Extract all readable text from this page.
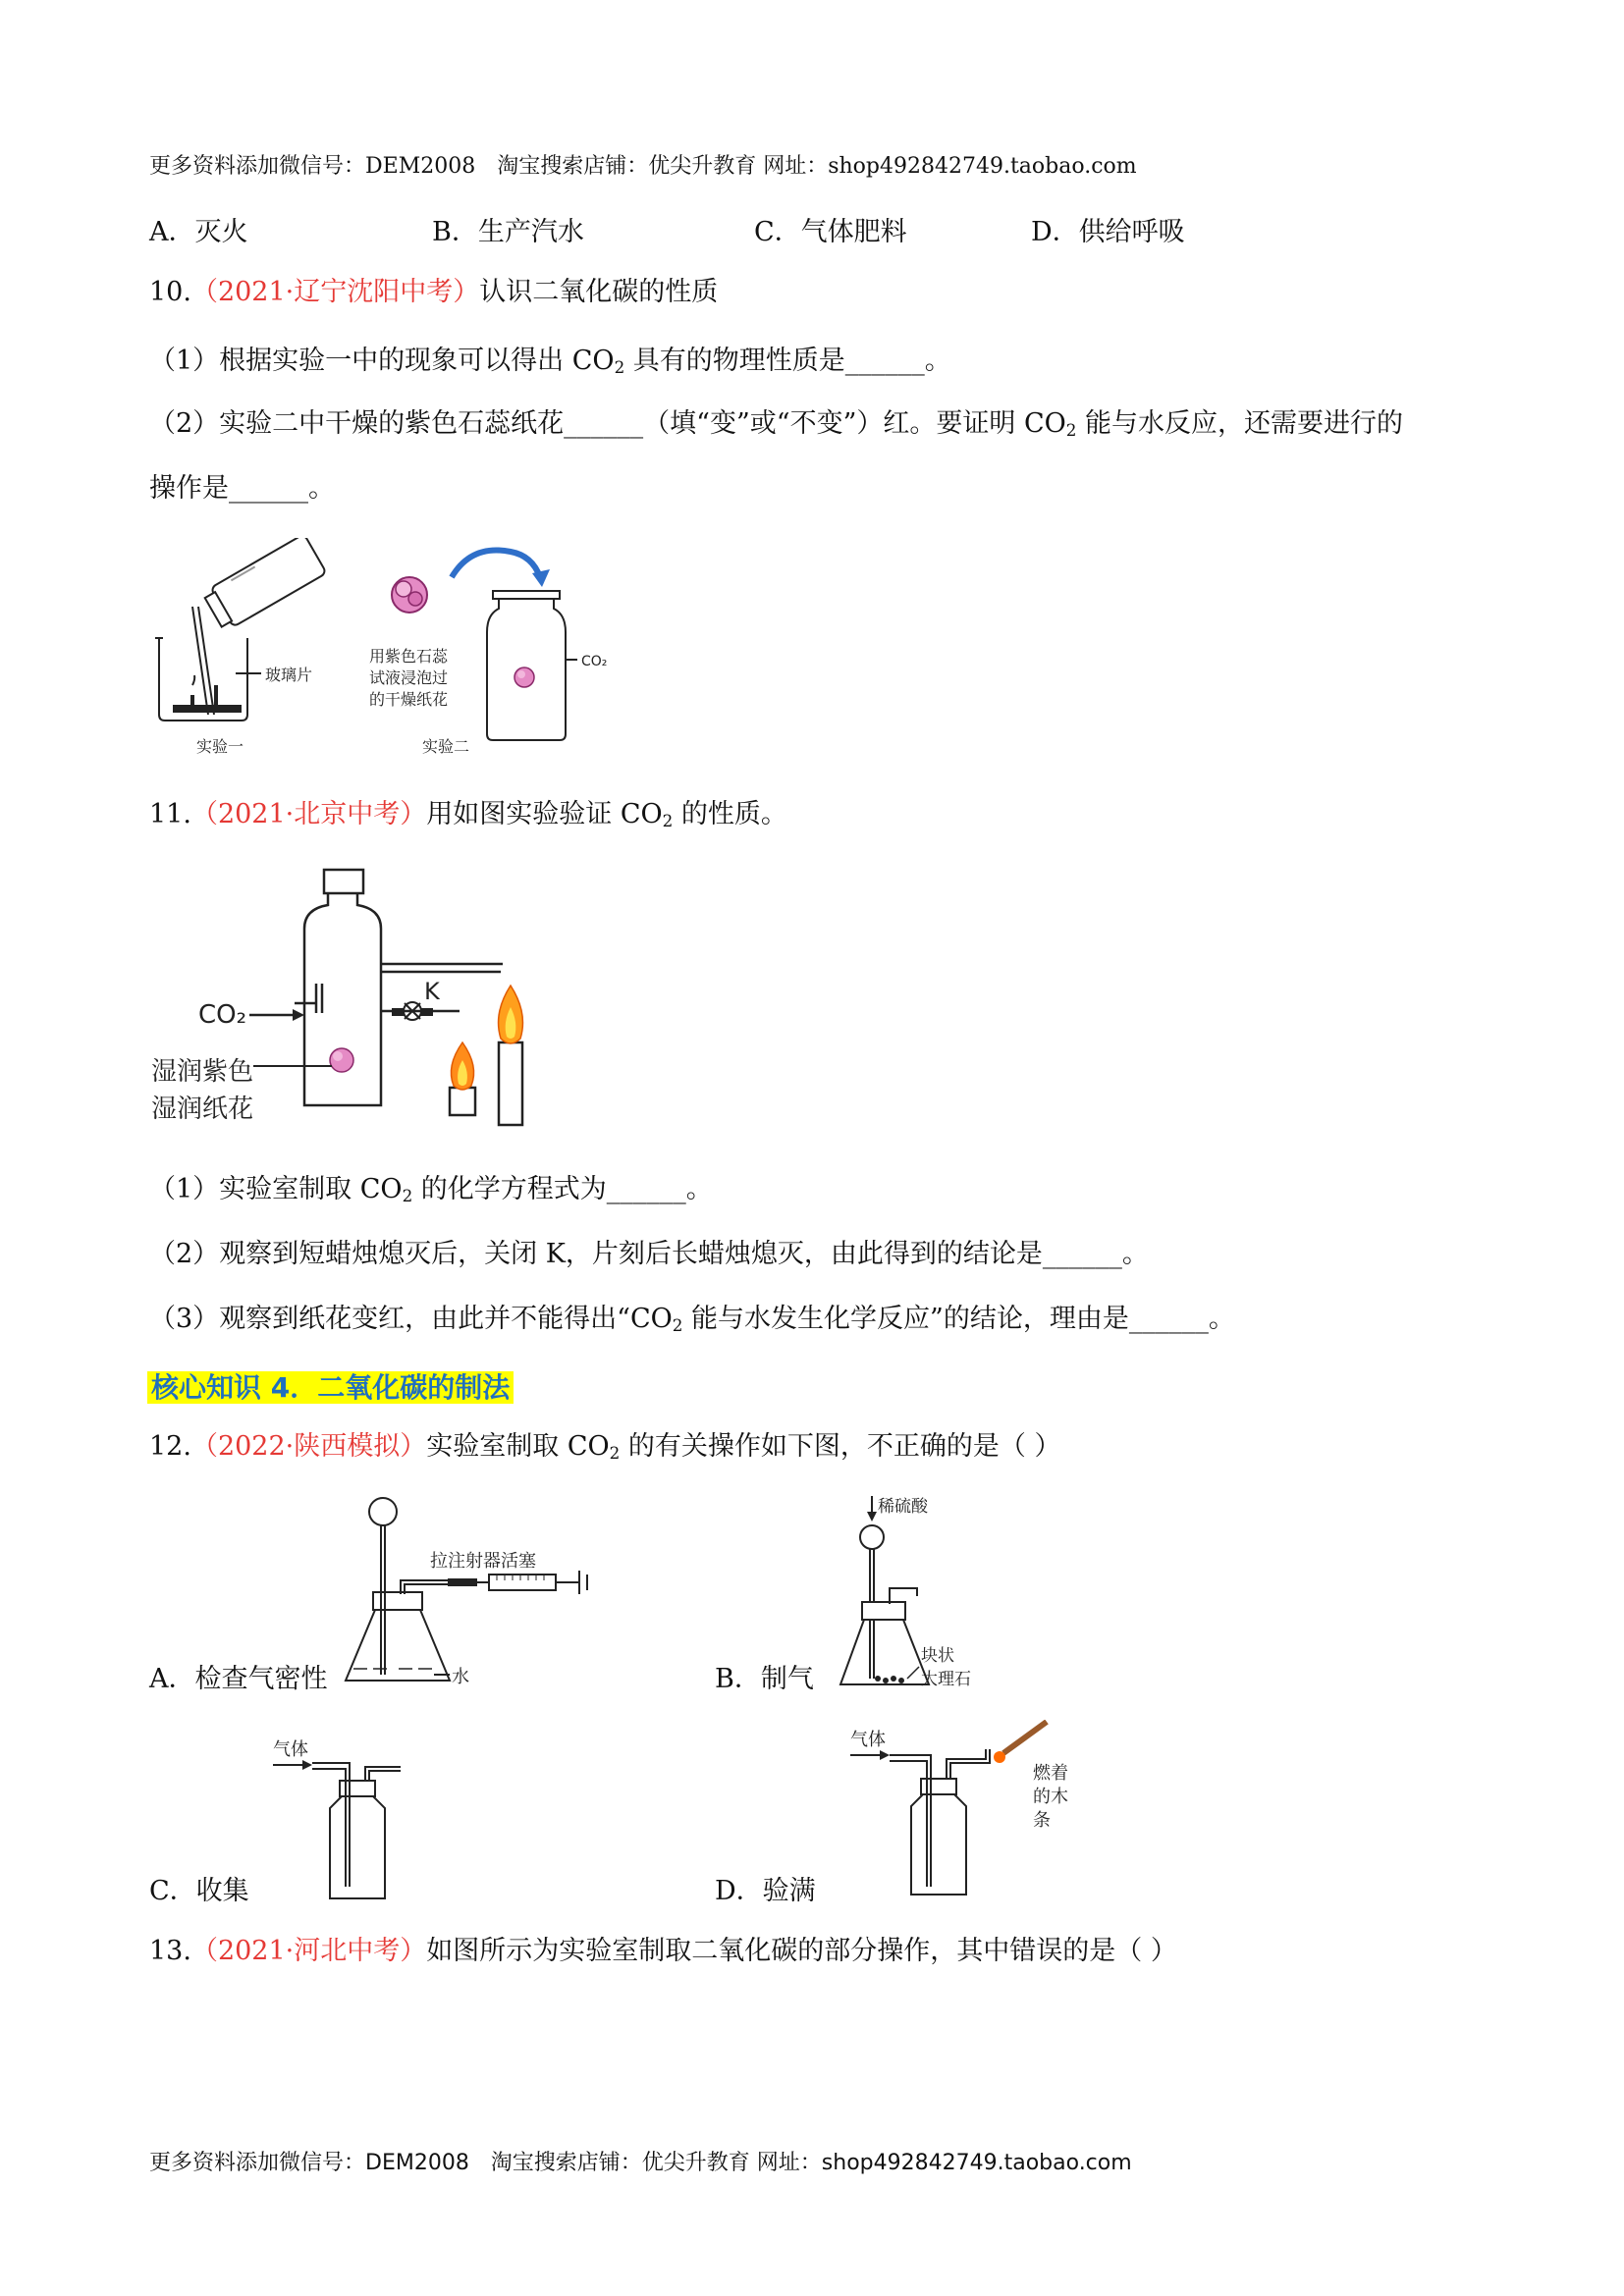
更多资料添加微信号：DEM2008　淘宝搜索店铺：优尖升教育 网址：shop492842749.taobao.com
A．灭火	B．生产汽水	C．气体肥料	D．供给呼吸
10.（2021·辽宁沈阳中考）认识二氧化碳的性质
（1）根据实验一中的现象可以得出 $CO_2$ 具有的物理性质是______。
（2）实验二中干燥的紫色石蕊纸花______（填“变”或“不变”）红。要证明 $CO_2$ 能与水反应，还需要进行的
操作是______。
玻璃片
实验一
用紫色石蕊
试液浸泡过
的干燥纸花
实验二
CO₂
11.（2021·北京中考）用如图实验验证 $CO_2$ 的性质。
CO₂
K
湿润紫色
湿润纸花
（1）实验室制取 $CO_2$ 的化学方程式为______。
（2）观察到短蜡烛熄灭后，关闭 K，片刻后长蜡烛熄灭，由此得到的结论是______。
（3）观察到纸花变红，由此并不能得出“$CO_2$ 能与水发生化学反应”的结论，理由是______。
核心知识 4．二氧化碳的制法
12.（2022·陕西模拟）实验室制取 $CO_2$ 的有关操作如下图，不正确的是（ ）
拉注射器活塞
水
A．检查气密性
稀硫酸
块状
大理石
B．制气
气体
C．收集
气体
燃着
的木
条
D．验满
13.（2021·河北中考）如图所示为实验室制取二氧化碳的部分操作，其中错误的是（ ）
更多资料添加微信号：DEM2008　淘宝搜索店铺：优尖升教育 网址：shop492842749.taobao.com
